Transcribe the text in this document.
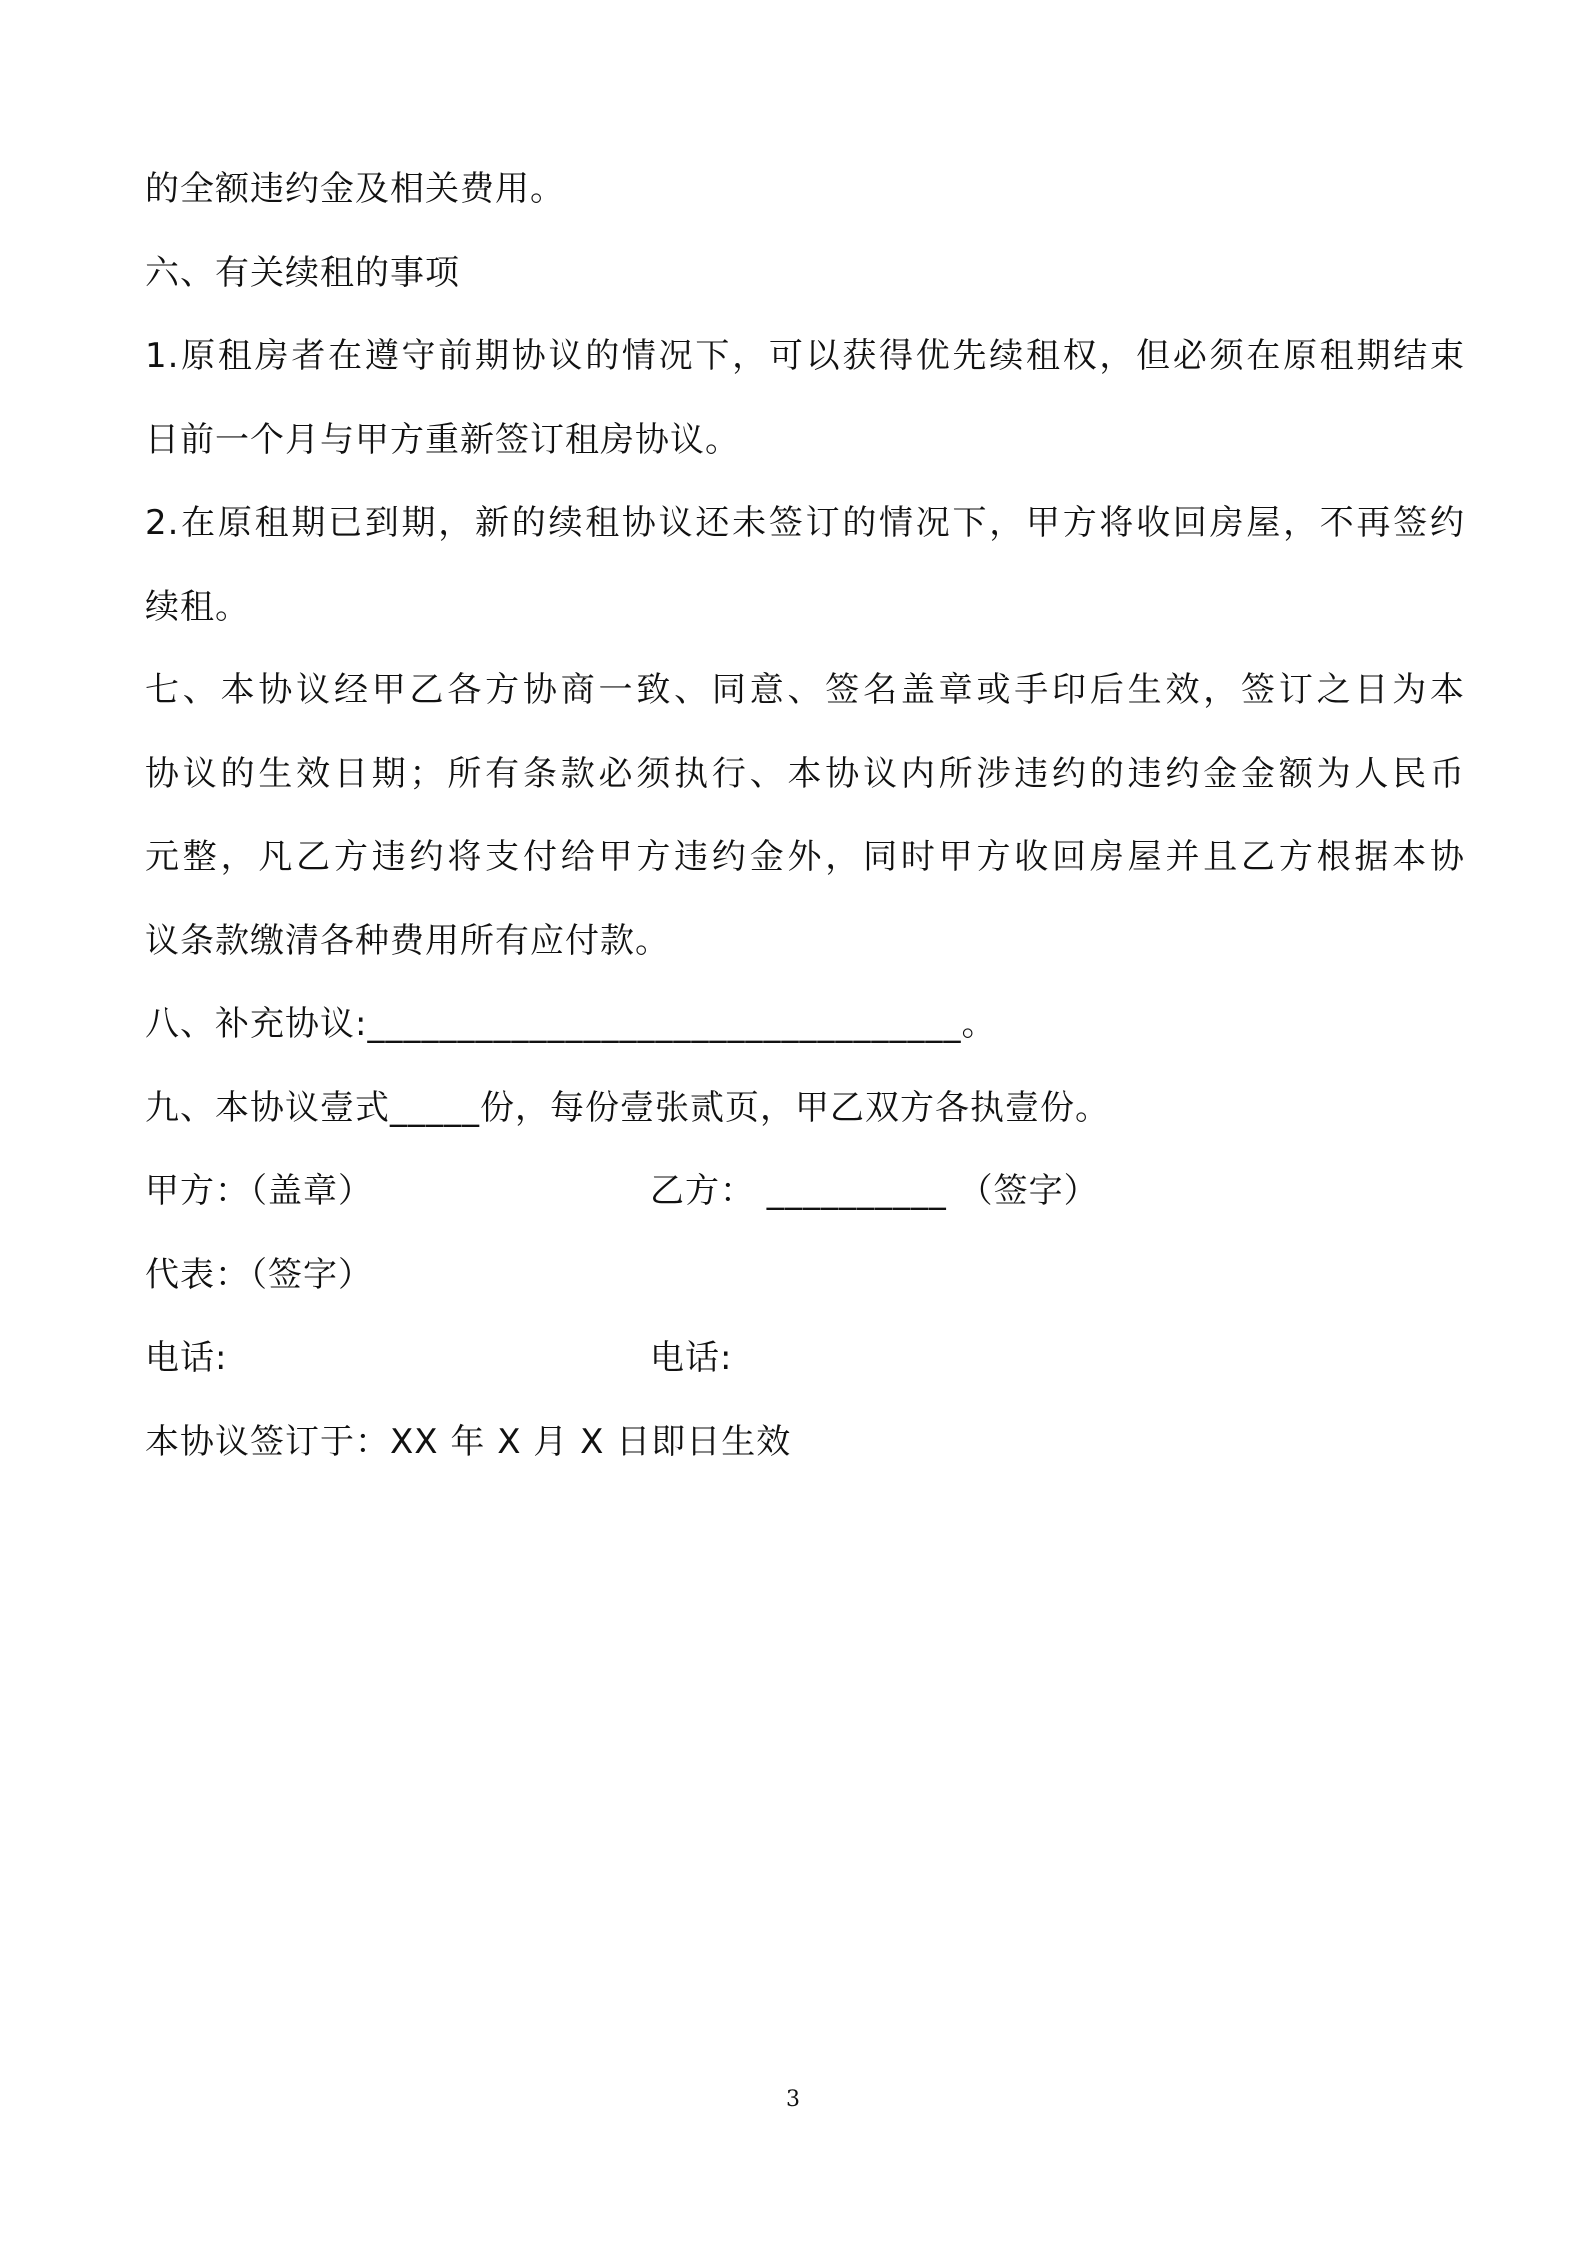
的全额违约金及相关费用。
六、有关续租的事项
1.原租房者在遵守前期协议的情况下，可以获得优先续租权，但必须在原租期结束
日前一个月与甲方重新签订租房协议。
2.在原租期已到期，新的续租协议还未签订的情况下，甲方将收回房屋，不再签约
续租。
七、本协议经甲乙各方协商一致、同意、签名盖章或手印后生效，签订之日为本
协议的生效日期；所有条款必须执行、本协议内所涉违约的违约金金额为人民币
元整，凡乙方违约将支付给甲方违约金外，同时甲方收回房屋并且乙方根据本协
议条款缴清各种费用所有应付款。
八、补充协议:_________________________________。
九、本协议壹式_____份，每份壹张贰页，甲乙双方各执壹份。
甲方：（盖章）	乙方： __________ （签字）
代表：（签字）
电话:	电话:
本协议签订于：XX 年 X 月 X 日即日生效
3
